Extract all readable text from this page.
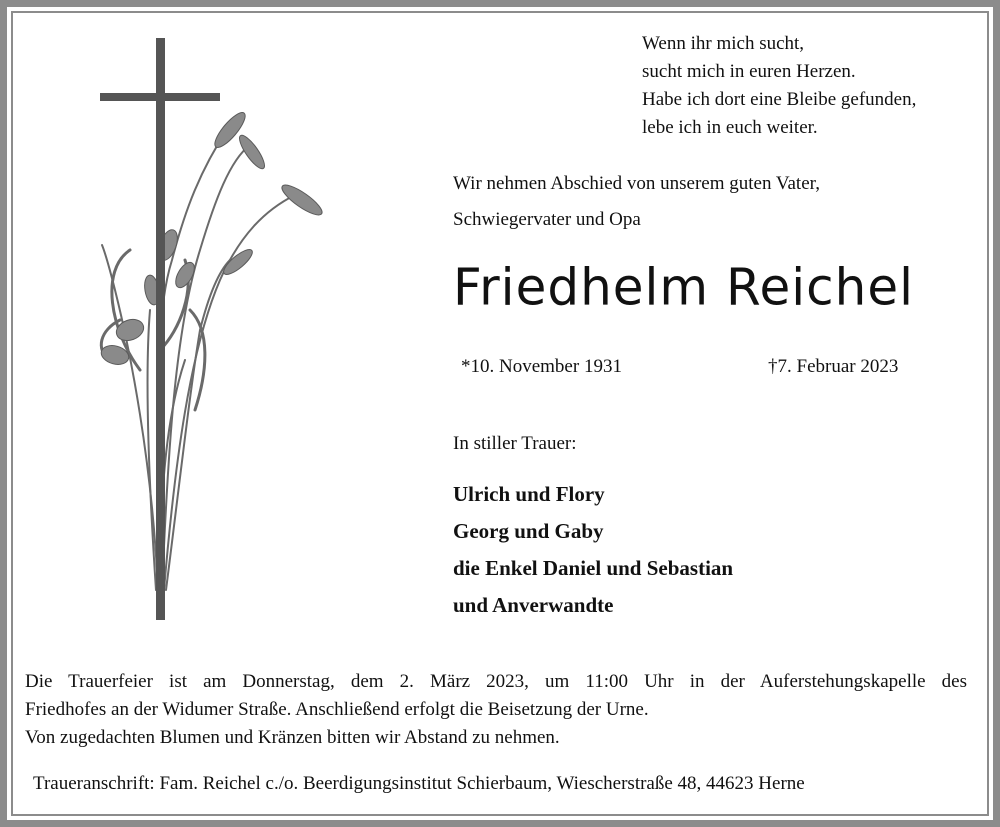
Wenn ihr mich sucht,
sucht mich in euren Herzen.
Habe ich dort eine Bleibe gefunden,
lebe ich in euch weiter.
Wir nehmen Abschied von unserem guten Vater,
Schwiegervater und Opa
Friedhelm Reichel
*10. November 1931	†7. Februar 2023
In stiller Trauer:
Ulrich und Flory
Georg und Gaby
die Enkel Daniel und Sebastian
und Anverwandte
Die Trauerfeier ist am Donnerstag, dem 2. März 2023, um 11:00 Uhr in der Auferstehungskapelle des
Friedhofes an der Widumer Straße. Anschließend erfolgt die Beisetzung der Urne.
Von zugedachten Blumen und Kränzen bitten wir Abstand zu nehmen.
Traueranschrift: Fam. Reichel c./o. Beerdigungsinstitut Schierbaum, Wiescherstraße 48, 44623 Herne
